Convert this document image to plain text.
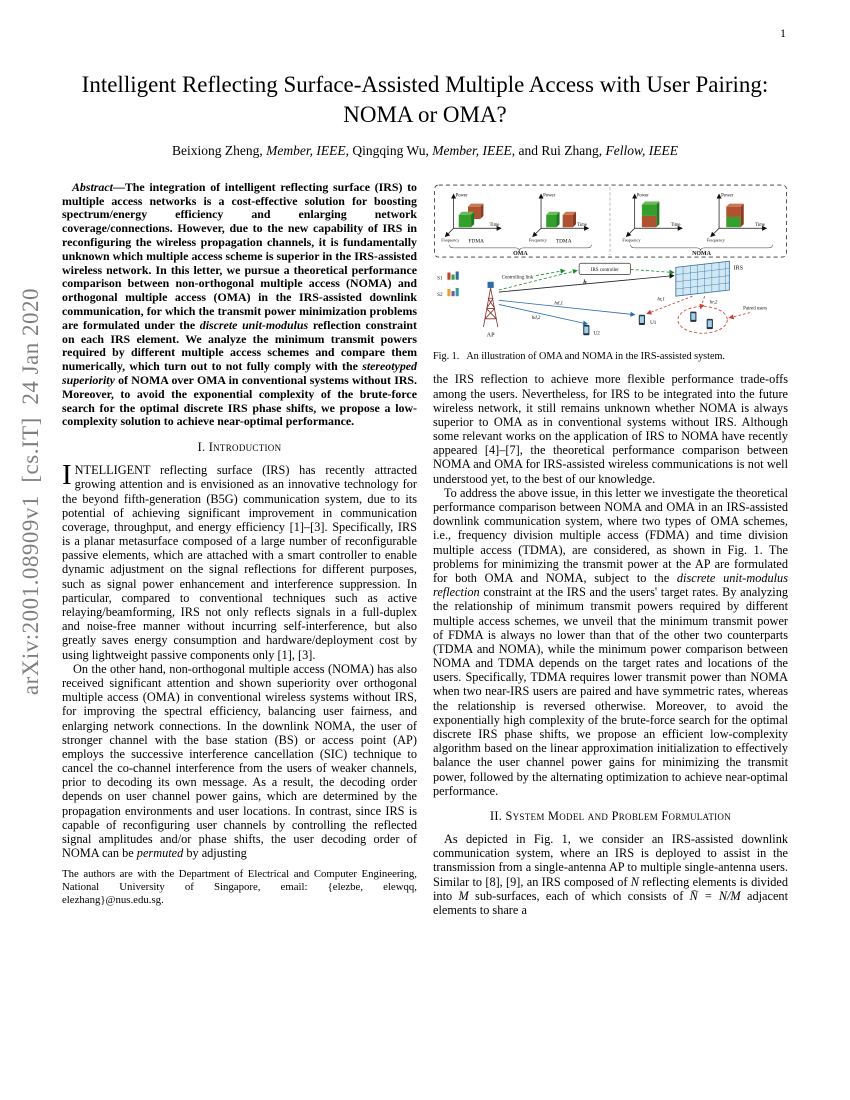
arXiv:2001.08909v1  [cs.IT]  24 Jan 2020
1
Intelligent Reflecting Surface-Assisted Multiple Access with User Pairing: NOMA or OMA?
Beixiong Zheng, Member, IEEE, Qingqing Wu, Member, IEEE, and Rui Zhang, Fellow, IEEE

Abstract—The integration of intelligent reflecting surface (IRS) to multiple access networks is a cost-effective solution for boosting spectrum/energy efficiency and enlarging network coverage/connections. However, due to the new capability of IRS in reconfiguring the wireless propagation channels, it is fundamentally unknown which multiple access scheme is superior in the IRS-assisted wireless network. In this letter, we pursue a theoretical performance comparison between non-orthogonal multiple access (NOMA) and orthogonal multiple access (OMA) in the IRS-assisted downlink communication, for which the transmit power minimization problems are formulated under the discrete unit-modulus reflection constraint on each IRS element. We analyze the minimum transmit powers required by different multiple access schemes and compare them numerically, which turn out to not fully comply with the stereotyped superiority of NOMA over OMA in conventional systems without IRS. Moreover, to avoid the exponential complexity of the brute-force search for the optimal discrete IRS phase shifts, we propose a low-complexity solution to achieve near-optimal performance.

I. Introduction

INTELLIGENT reflecting surface (IRS) has recently attracted growing attention and is envisioned as an innovative technology for the beyond fifth-generation (B5G) communication system, due to its potential of achieving significant improvement in communication coverage, throughput, and energy efficiency [1]–[3]. Specifically, IRS is a planar metasurface composed of a large number of reconfigurable passive elements, which are attached with a smart controller to enable dynamic adjustment on the signal reflections for different purposes, such as signal power enhancement and interference suppression. In particular, compared to conventional techniques such as active relaying/beamforming, IRS not only reflects signals in a full-duplex and noise-free manner without incurring self-interference, but also greatly saves energy consumption and hardware/deployment cost by using lightweight passive components only [1], [3].

On the other hand, non-orthogonal multiple access (NOMA) has also received significant attention and shown superiority over orthogonal multiple access (OMA) in conventional wireless systems without IRS, for improving the spectral efficiency, balancing user fairness, and enlarging network connections. In the downlink NOMA, the user of stronger channel with the base station (BS) or access point (AP) employs the successive interference cancellation (SIC) technique to cancel the co-channel interference from the users of weaker channels, prior to decoding its own message. As a result, the decoding order depends on user channel power gains, which are determined by the propagation environments and user locations. In contrast, since IRS is capable of reconfiguring user channels by controlling the reflected signal amplitudes and/or phase shifts, the user decoding order of NOMA can be permuted by adjusting

The authors are with the Department of Electrical and Computer Engineering, National University of Singapore, email: {elezbe, elewqq, elezhang}@nus.edu.sg.

Power
Time
Frequency FDMA
Power
Time
Frequency TDMA
Power
Time
Frequency
Power
Time
Frequency
OMA	NOMA
IRS controller
Controlling link
IRS
AP
S1
S2
h
hd,1
hd,2
hr,1
hr,2
U1
U2
Paired users
Fig. 1. An illustration of OMA and NOMA in the IRS-assisted system.

the IRS reflection to achieve more flexible performance trade-offs among the users. Nevertheless, for IRS to be integrated into the future wireless network, it still remains unknown whether NOMA is always superior to OMA as in conventional systems without IRS. Although some relevant works on the application of IRS to NOMA have recently appeared [4]–[7], the theoretical performance comparison between NOMA and OMA for IRS-assisted wireless communications is not well understood yet, to the best of our knowledge.

To address the above issue, in this letter we investigate the theoretical performance comparison between NOMA and OMA in an IRS-assisted downlink communication system, where two types of OMA schemes, i.e., frequency division multiple access (FDMA) and time division multiple access (TDMA), are considered, as shown in Fig. 1. The problems for minimizing the transmit power at the AP are formulated for both OMA and NOMA, subject to the discrete unit-modulus reflection constraint at the IRS and the users' target rates. By analyzing the relationship of minimum transmit powers required by different multiple access schemes, we unveil that the minimum transmit power of FDMA is always no lower than that of the other two counterparts (TDMA and NOMA), while the minimum power comparison between NOMA and TDMA depends on the target rates and locations of the users. Specifically, TDMA requires lower transmit power than NOMA when two near-IRS users are paired and have symmetric rates, whereas the relationship is reversed otherwise. Moreover, to avoid the exponentially high complexity of the brute-force search for the optimal discrete IRS phase shifts, we propose an efficient low-complexity algorithm based on the linear approximation initialization to effectively balance the user channel power gains for minimizing the transmit power, followed by the alternating optimization to achieve near-optimal performance.

II. System Model and Problem Formulation

As depicted in Fig. 1, we consider an IRS-assisted downlink communication system, where an IRS is deployed to assist in the transmission from a single-antenna AP to multiple single-antenna users. Similar to [8], [9], an IRS composed of N reflecting elements is divided into M sub-surfaces, each of which consists of N̄ = N/M adjacent elements to share a
